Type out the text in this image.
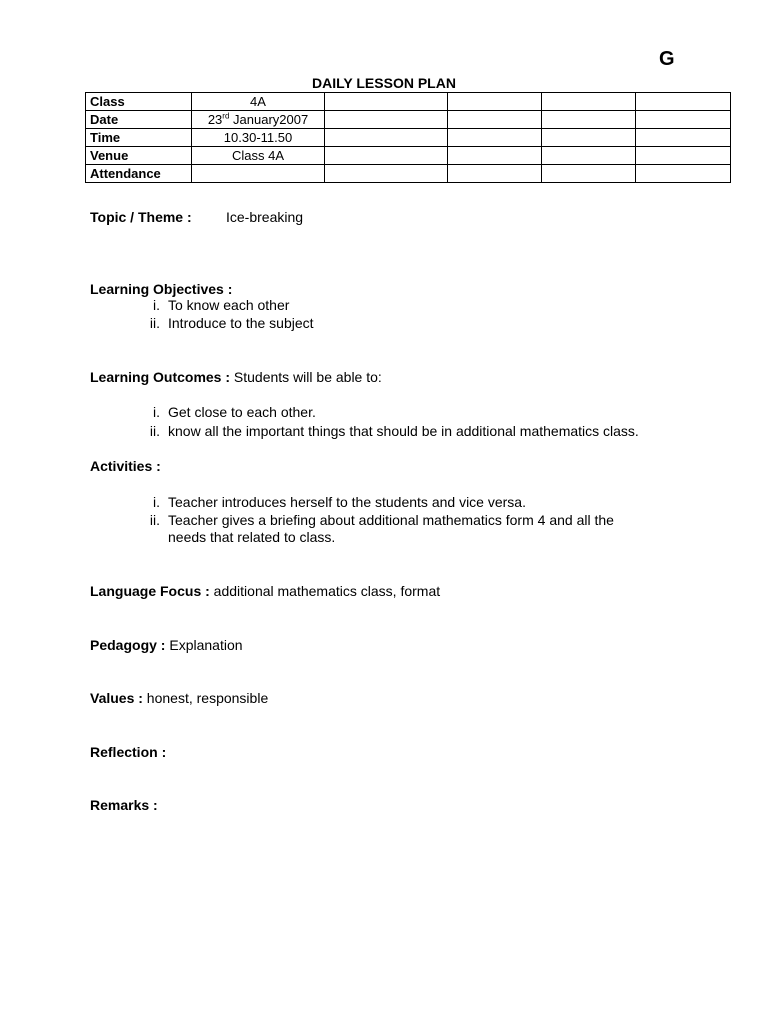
G
DAILY LESSON PLAN
Class	4A				
Date	23rd January2007				
Time	10.30-11.50				
Venue	Class 4A				
Attendance					
Topic / Theme : Ice-breaking
Learning Objectives :
i. To know each other
ii. Introduce to the subject
Learning Outcomes : Students will be able to:
i. Get close to each other.
ii. know all the important things that should be in additional mathematics class.
Activities :
i. Teacher introduces herself to the students and vice versa.
ii. Teacher gives a briefing about additional mathematics form 4 and all the
needs that related to class.
Language Focus : additional mathematics class, format
Pedagogy : Explanation
Values : honest, responsible
Reflection :
Remarks :
